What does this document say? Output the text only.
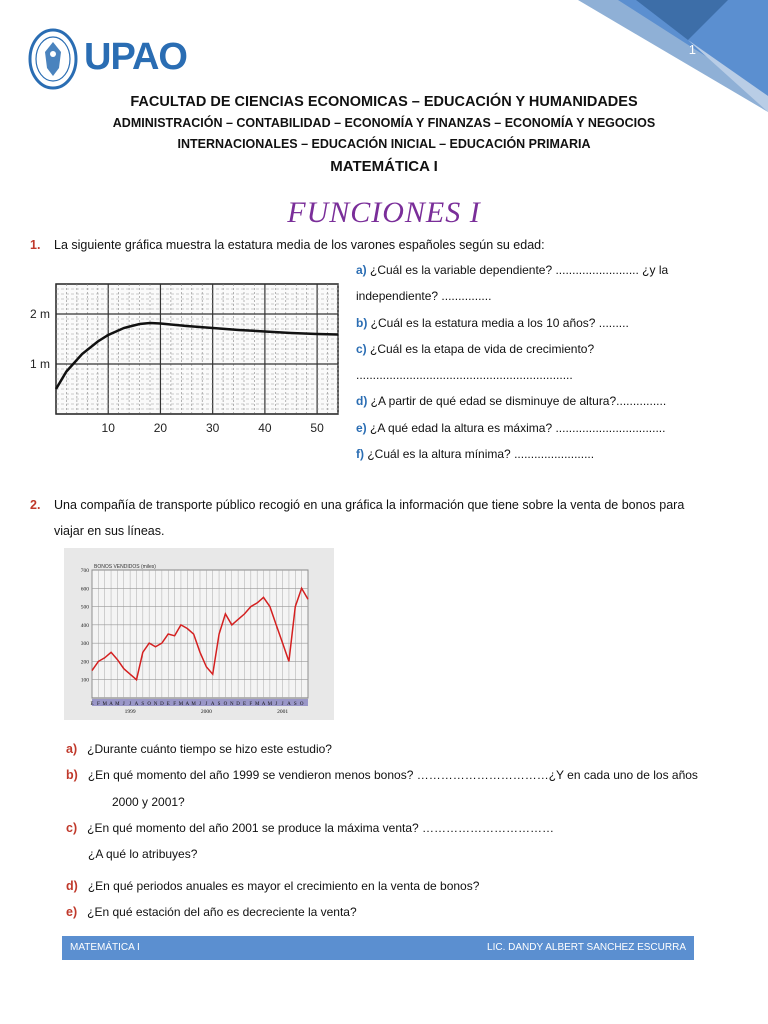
UPAO	1
FACULTAD DE CIENCIAS ECONOMICAS – EDUCACIÓN Y HUMANIDADES
ADMINISTRACIÓN – CONTABILIDAD – ECONOMÍA Y FINANZAS – ECONOMÍA Y NEGOCIOS
INTERNACIONALES – EDUCACIÓN INICIAL – EDUCACIÓN PRIMARIA
MATEMÁTICA I
FUNCIONES I
1. La siguiente gráfica muestra la estatura media de los varones españoles según su edad:
10	20	30	40	50
1 m
2 m
a) ¿Cuál es la variable dependiente? ......................... ¿y la
independiente? ...............
b) ¿Cuál es la estatura media a los 10 años? .........
c) ¿Cuál es la etapa de vida de crecimiento?
.................................................................
d) ¿A partir de qué edad se disminuye de altura?...............
e) ¿A qué edad la altura es máxima? .................................
f) ¿Cuál es la altura mínima? ........................
2. Una compañía de transporte público recogió en una gráfica la información que tiene sobre la venta de bonos para
viajar en sus líneas.
BONOS VENDIDOS (miles)
100
200
300
400
500
600
700
E F M A M J J A S O N D E F M A M J J A S O N D E F M A M J J A S O
1999	2000	2001
a) ¿Durante cuánto tiempo se hizo este estudio?
b) ¿En qué momento del año 1999 se vendieron menos bonos? ……………………………¿Y en cada uno de los años
2000 y 2001?
c) ¿En qué momento del año 2001 se produce la máxima venta? ……………………………
¿A qué lo atribuyes?
d) ¿En qué periodos anuales es mayor el crecimiento en la venta de bonos?
e) ¿En qué estación del año es decreciente la venta?
MATEMÁTICA I	LIC. DANDY ALBERT SANCHEZ ESCURRA
